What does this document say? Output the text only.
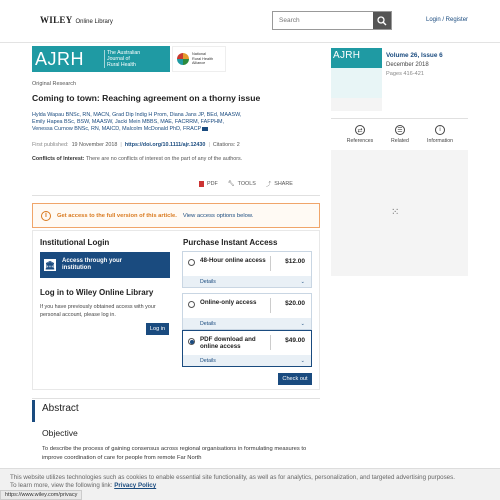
WILEY Online Library
Search	Login / Register
AJRH	The Australian
Journal of
Rural Health
National
Rural Health
Alliance
Original Research
Coming to town: Reaching agreement on a thorny issue
Hylda Wapau BNSc, RN, MACN, Grad Dip Indig H Prom, Diana Jans JP, BEd, MAASW,
Emily Hapea BSc, BSW, MAASW, Jacki Mein MBBS, MAE, FACRRM, FAFPHM,
Venessa Curnow BNSc, RN, MAICD, Malcolm McDonald PhD, FRACP
First published: 19 November 2018 | https://doi.org/10.1111/ajr.12430 | Citations: 2
Conflicts of Interest: There are no conflicts of interest on the part of any of the authors.
PDF 🔧︎ TOOLS ⤴ SHARE
i	Get access to the full version of this article. View access options below.
Institutional Login
🏛︎ Access through your
institution
Log in to Wiley Online Library
If you have previously obtained access with your personal account, please log in.
Log in
Purchase Instant Access
48-Hour online access	$12.00
Details	⌄
Online-only access	$20.00
Details	⌄
PDF download and online access
$49.00
Details	⌄
Check out
Abstract
Objective
To describe the process of gaining consensus across regional organisations in formulating measures to improve coordination of care for people from remote Far North
AJRH	Volume 26, Issue 6
December 2018
Pages 416-421
⇄
References
☰
Related
i
Information
⁙
This website utilizes technologies such as cookies to enable essential site functionality, as well as for analytics, personalization, and targeted advertising purposes.
To learn more, view the following link: Privacy Policy
https://www.wiley.com/privacy
